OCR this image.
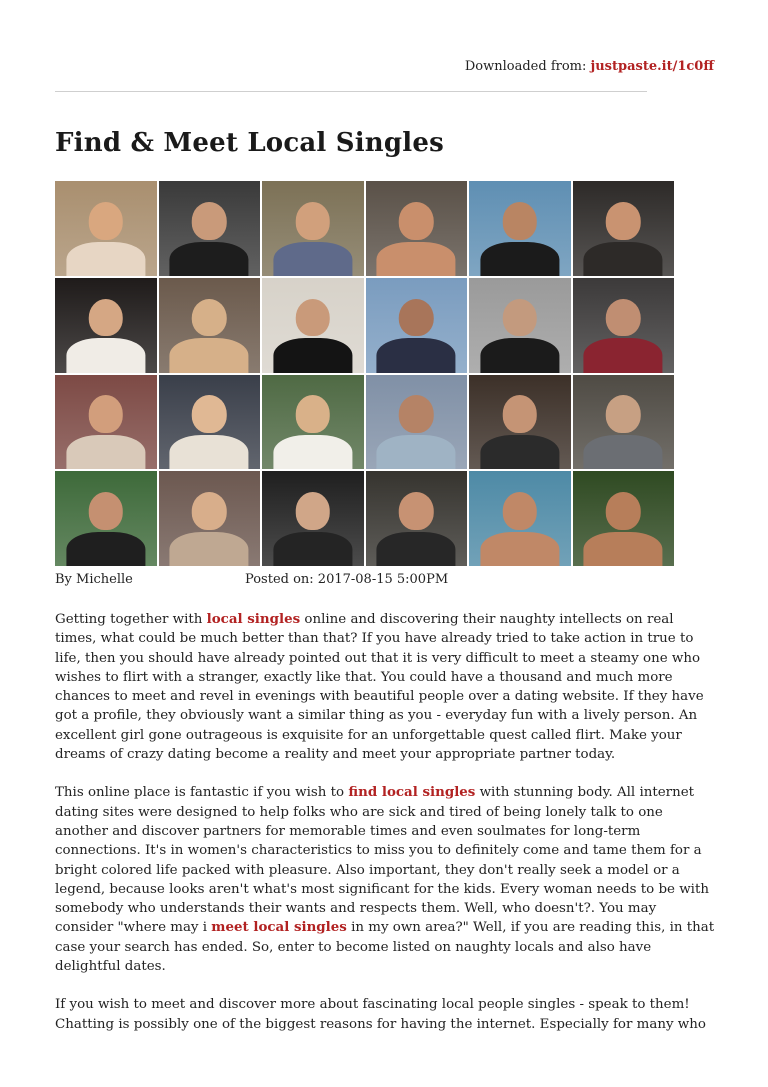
Downloaded from: justpaste.it/1c0ff
Find & Meet Local Singles
By Michelle	Posted on: 2017-08-15 5:00PM

Getting together with local singles online and discovering their naughty intellects on real times, what could be much better than that? If you have already tried to take action in true to life, then you should have already pointed out that it is very difficult to meet a steamy one who wishes to flirt with a stranger, exactly like that. You could have a thousand and much more chances to meet and revel in evenings with beautiful people over a dating website. If they have got a profile, they obviously want a similar thing as you - everyday fun with a lively person. An excellent girl gone outrageous is exquisite for an unforgettable quest called flirt. Make your dreams of crazy dating become a reality and meet your appropriate partner today.

This online place is fantastic if you wish to find local singles with stunning body. All internet dating sites were designed to help folks who are sick and tired of being lonely talk to one another and discover partners for memorable times and even soulmates for long-term connections. It's in women's characteristics to miss you to definitely come and tame them for a bright colored life packed with pleasure. Also important, they don't really seek a model or a legend, because looks aren't what's most significant for the kids. Every woman needs to be with somebody who understands their wants and respects them. Well, who doesn't?. You may consider "where may i meet local singles in my own area?" Well, if you are reading this, in that case your search has ended. So, enter to become listed on naughty locals and also have delightful dates.

If you wish to meet and discover more about fascinating local people singles - speak to them! Chatting is possibly one of the biggest reasons for having the internet. Especially for many who
